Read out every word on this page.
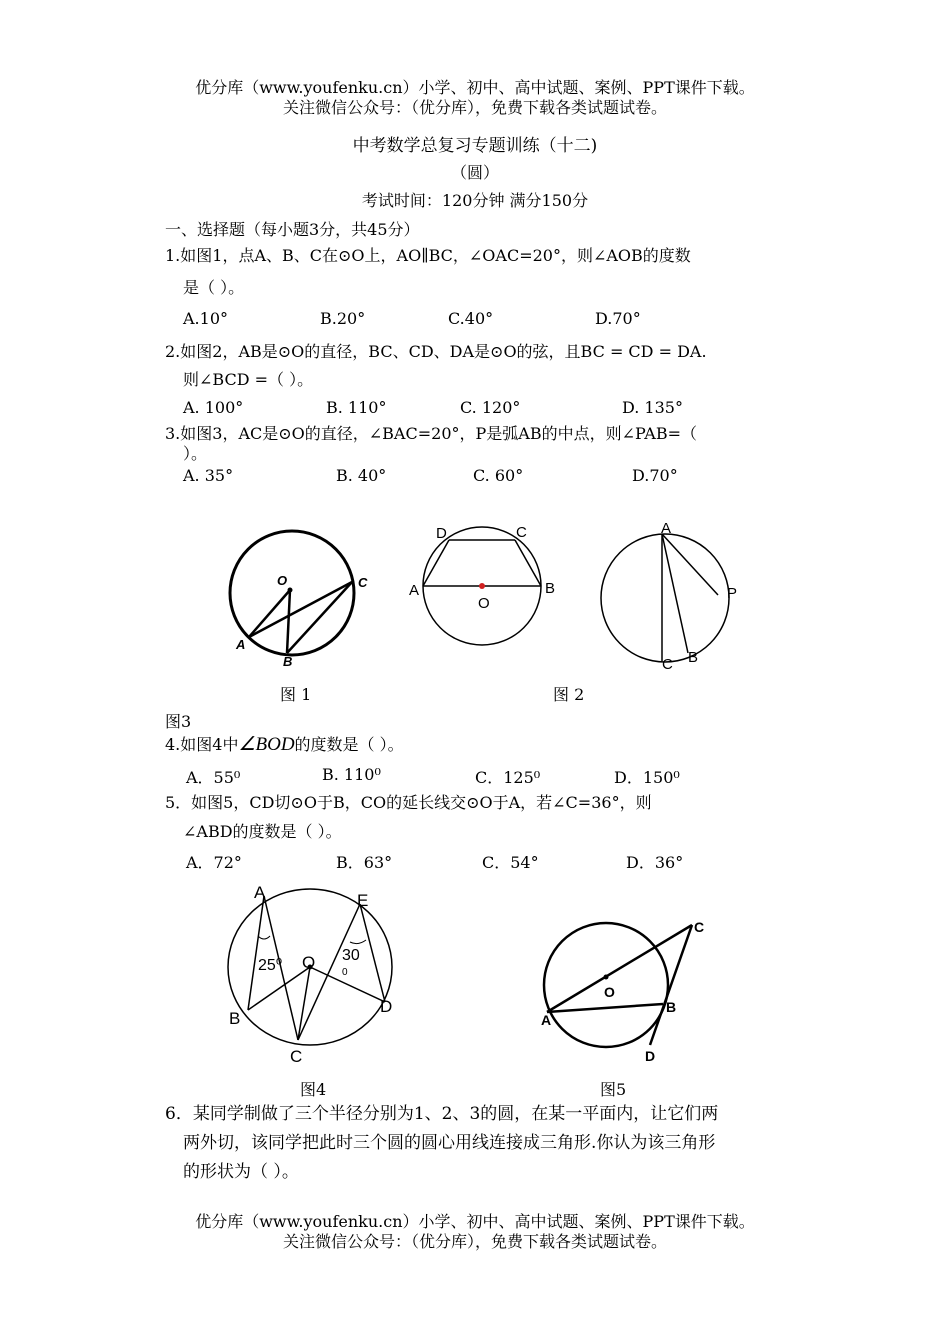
优分库（www.youfenku.cn）小学、初中、高中试题、案例、PPT课件下载。
关注微信公众号：（优分库），免费下载各类试题试卷。
中考数学总复习专题训练（十二)
（圆）
考试时间：120分钟 满分150分
一、选择题（每小题3分，共45分）
1.如图1，点A、B、C在⊙O上，AO∥BC，∠OAC=20°，则∠AOB的度数
是（ ）。
A.10°	B.20°	C.40°	D.70°
2.如图2，AB是⊙O的直径，BC、CD、DA是⊙O的弦，且BC = CD = DA.
则∠BCD =（ ）。
A. 100°	B. 110°	C. 120°	D. 135°
3.如图3，AC是⊙O的直径，∠BAC=20°，P是弧AB的中点，则∠PAB=（
）。
A. 35°	B. 40°	C. 60°	D.70°
O	C
A
B
图 1
D	C
A	B
O
图 2
A
P
C B
图3
4.如图4中∠BOD的度数是（ ）。
A．55⁰	B. 110⁰	C．125⁰	D．150⁰
5．如图5，CD切⊙O于B，CO的延长线交⊙O于A，若∠C=36°，则
∠ABD的度数是（ ）。
A．72°	B．63°	C．54°	D．36°
A	E
B
D
C
O
25⁰
30
0
图4
C
O
A
B
D
图5
6．某同学制做了三个半径分别为1、2、3的圆，在某一平面内，让它们两
两外切，该同学把此时三个圆的圆心用线连接成三角形.你认为该三角形
的形状为（ ）。
优分库（www.youfenku.cn）小学、初中、高中试题、案例、PPT课件下载。
关注微信公众号：（优分库），免费下载各类试题试卷。
